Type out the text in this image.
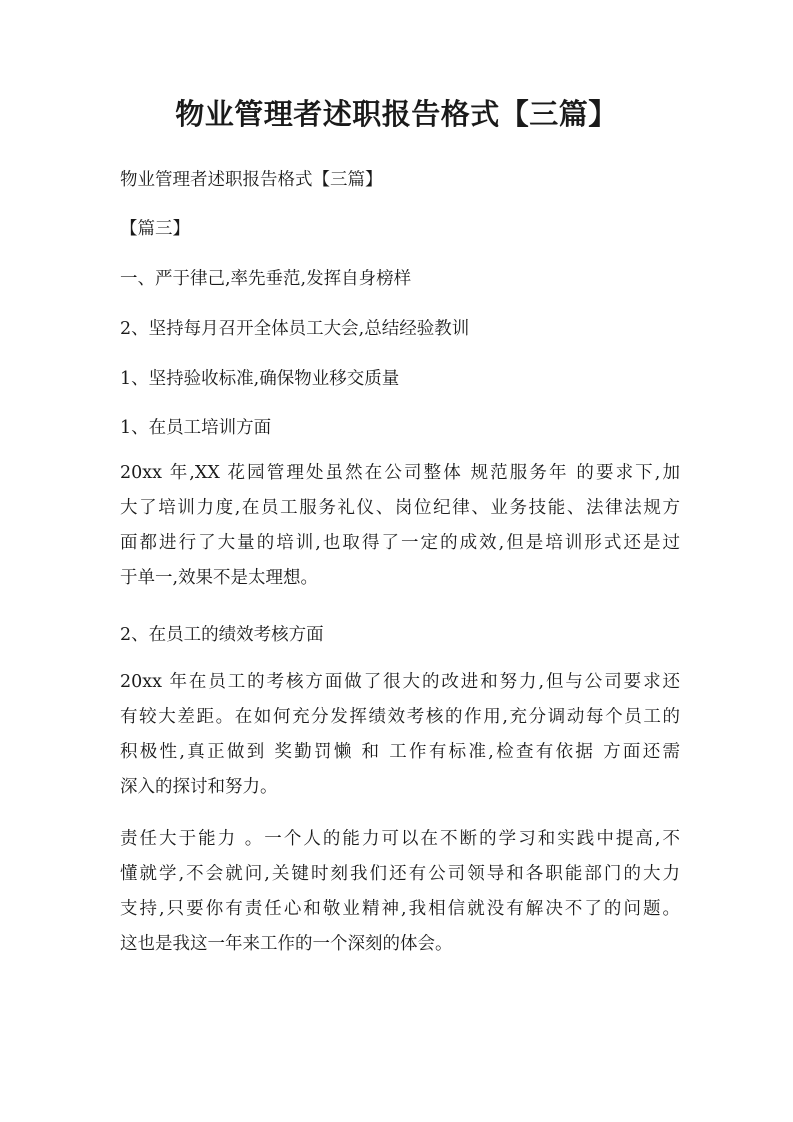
物业管理者述职报告格式【三篇】

物业管理者述职报告格式【三篇】

【篇三】

一、严于律己,率先垂范,发挥自身榜样

2、坚持每月召开全体员工大会,总结经验教训

1、坚持验收标准,确保物业移交质量

1、在员工培训方面

20xx 年,XX 花园管理处虽然在公司整体 规范服务年 的要求下,加
大了培训力度,在员工服务礼仪、岗位纪律、业务技能、法律法规方
面都进行了大量的培训,也取得了一定的成效,但是培训形式还是过
于单一,效果不是太理想。

2、在员工的绩效考核方面

20xx 年在员工的考核方面做了很大的改进和努力,但与公司要求还
有较大差距。在如何充分发挥绩效考核的作用,充分调动每个员工的
积极性,真正做到 奖勤罚懒 和 工作有标准,检查有依据 方面还需
深入的探讨和努力。
责任大于能力 。一个人的能力可以在不断的学习和实践中提高,不
懂就学,不会就问,关键时刻我们还有公司领导和各职能部门的大力
支持,只要你有责任心和敬业精神,我相信就没有解决不了的问题。
这也是我这一年来工作的一个深刻的体会。
